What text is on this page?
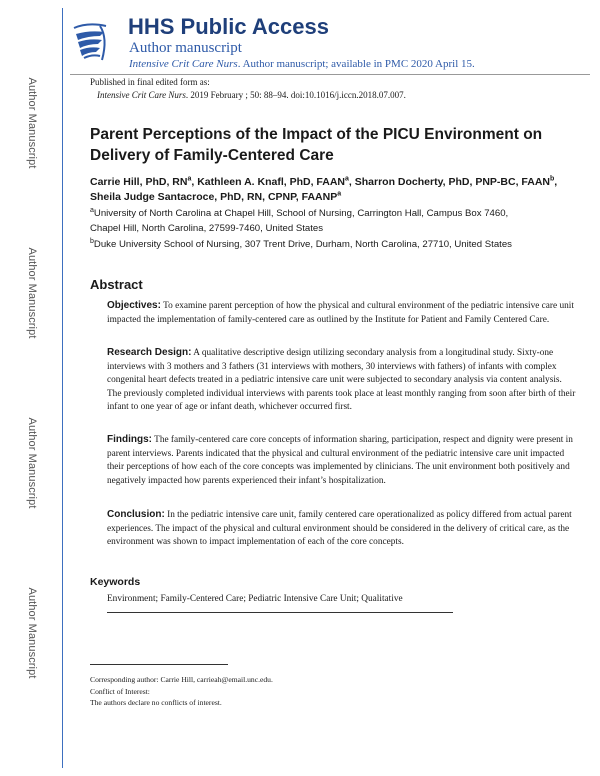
Author Manuscript
Author Manuscript
Author Manuscript
Author Manuscript
HHS Public Access
Author manuscript
Intensive Crit Care Nurs. Author manuscript; available in PMC 2020 April 15.
Published in final edited form as:
Intensive Crit Care Nurs. 2019 February ; 50: 88–94. doi:10.1016/j.iccn.2018.07.007.
Parent Perceptions of the Impact of the PICU Environment on Delivery of Family-Centered Care
Carrie Hill, PhD, $RN^a$, Kathleen A. Knafl, PhD, FAAN$^a$, Sharron Docherty, PhD, PNP-BC, FAAN$^b$, Sheila Judge Santacroce, PhD, RN, CPNP, FAANP$^a$
$^a$University of North Carolina at Chapel Hill, School of Nursing, Carrington Hall, Campus Box 7460, Chapel Hill, North Carolina, 27599-7460, United States
$^b$Duke University School of Nursing, 307 Trent Drive, Durham, North Carolina, 27710, United States
Abstract
Objectives: To examine parent perception of how the physical and cultural environment of the pediatric intensive care unit impacted the implementation of family-centered care as outlined by the Institute for Patient and Family Centered Care.
Research Design: A qualitative descriptive design utilizing secondary analysis from a longitudinal study. Sixty-one interviews with 3 mothers and 3 fathers (31 interviews with mothers, 30 interviews with fathers) of infants with complex congenital heart defects treated in a pediatric intensive care unit were subjected to secondary analysis via content analysis. The previously completed individual interviews with parents took place at least monthly ranging from soon after birth of their infant to one year of age or infant death, whichever occurred first.
Findings: The family-centered care core concepts of information sharing, participation, respect and dignity were present in parent interviews. Parents indicated that the physical and cultural environment of the pediatric intensive care unit impacted their perceptions of how each of the core concepts was implemented by clinicians. The unit environment both positively and negatively impacted how parents experienced their infant’s hospitalization.
Conclusion: In the pediatric intensive care unit, family centered care operationalized as policy differed from actual parent experiences. The impact of the physical and cultural environment should be considered in the delivery of critical care, as the environment was shown to impact implementation of each of the core concepts.
Keywords
Environment; Family-Centered Care; Pediatric Intensive Care Unit; Qualitative
Corresponding author: Carrie Hill, carrieah@email.unc.edu.
Conflict of Interest:
The authors declare no conflicts of interest.
